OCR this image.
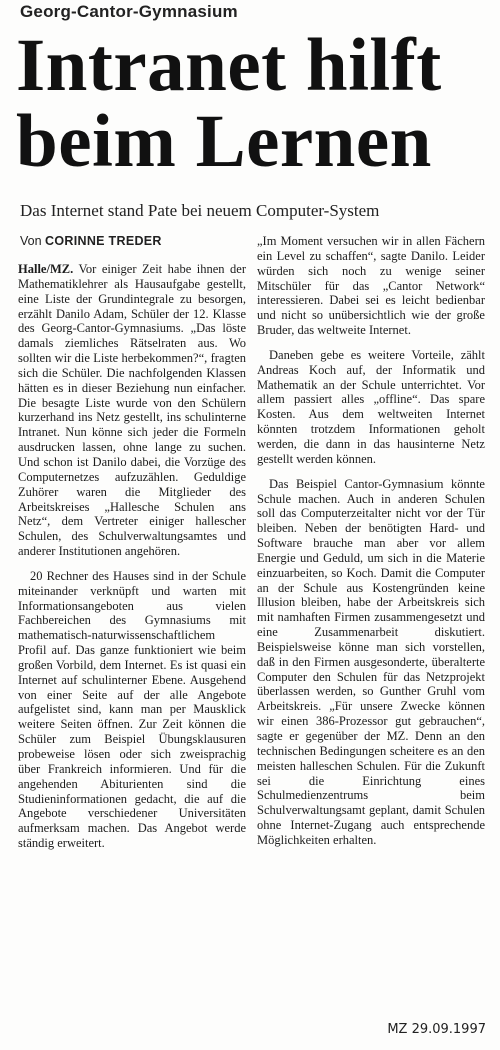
Georg-Cantor-Gymnasium
Intranet hilft
beim Lernen
Das Internet stand Pate bei neuem Computer-System
Von CORINNE TREDER

Halle/MZ. Vor einiger Zeit habe ihnen der Mathematiklehrer als Hausaufgabe gestellt, eine Liste der Grundintegrale zu besorgen, erzählt Danilo Adam, Schüler der 12. Klasse des Georg-Cantor-Gymnasiums. „Das löste damals ziemliches Rätselraten aus. Wo sollten wir die Liste herbekommen?“, fragten sich die Schüler. Die nachfolgenden Klassen hätten es in dieser Beziehung nun einfacher. Die besagte Liste wurde von den Schülern kurzerhand ins Netz gestellt, ins schulinterne Intranet. Nun könne sich jeder die Formeln ausdrucken lassen, ohne lange zu suchen. Und schon ist Danilo dabei, die Vorzüge des Computernetzes aufzuzählen. Geduldige Zuhörer waren die Mitglieder des Arbeitskreises „Hallesche Schulen ans Netz“, dem Vertreter einiger hallescher Schulen, des Schulverwaltungsamtes und anderer Institutionen angehören.

20 Rechner des Hauses sind in der Schule miteinander verknüpft und warten mit Informationsangeboten aus vielen Fachbereichen des Gymnasiums mit mathematisch-naturwissenschaftlichem Profil auf. Das ganze funktioniert wie beim großen Vorbild, dem Internet. Es ist quasi ein Internet auf schulinterner Ebene. Ausgehend von einer Seite auf der alle Angebote aufgelistet sind, kann man per Mausklick weitere Seiten öffnen. Zur Zeit können die Schüler zum Beispiel Übungsklausuren probeweise lösen oder sich zweisprachig über Frankreich informieren. Und für die angehenden Abiturienten sind die Studieninformationen gedacht, die auf die Angebote verschiedener Universitäten aufmerksam machen. Das Angebot werde ständig erweitert.

„Im Moment versuchen wir in allen Fächern ein Level zu schaffen“, sagte Danilo. Leider würden sich noch zu wenige seiner Mitschüler für das „Cantor Network“ interessieren. Dabei sei es leicht bedienbar und nicht so unübersichtlich wie der große Bruder, das weltweite Internet.

Daneben gebe es weitere Vorteile, zählt Andreas Koch auf, der Informatik und Mathematik an der Schule unterrichtet. Vor allem passiert alles „offline“. Das spare Kosten. Aus dem weltweiten Internet könnten trotzdem Informationen geholt werden, die dann in das hausinterne Netz gestellt werden können.

Das Beispiel Cantor-Gymnasium könnte Schule machen. Auch in anderen Schulen soll das Computerzeitalter nicht vor der Tür bleiben. Neben der benötigten Hard- und Software brauche man aber vor allem Energie und Geduld, um sich in die Materie einzuarbeiten, so Koch. Damit die Computer an der Schule aus Kostengründen keine Illusion bleiben, habe der Arbeitskreis sich mit namhaften Firmen zusammengesetzt und eine Zusammenarbeit diskutiert. Beispielsweise könne man sich vorstellen, daß in den Firmen ausgesonderte, überalterte Computer den Schulen für das Netzprojekt überlassen werden, so Gunther Gruhl vom Arbeitskreis. „Für unsere Zwecke können wir einen 386-Prozessor gut gebrauchen“, sagte er gegenüber der MZ. Denn an den technischen Bedingungen scheitere es an den meisten halleschen Schulen. Für die Zukunft sei die Einrichtung eines Schulmedienzentrums beim Schulverwaltungsamt geplant, damit Schulen ohne Internet-Zugang auch entsprechende Möglichkeiten erhalten.

MZ 29.09.1997
